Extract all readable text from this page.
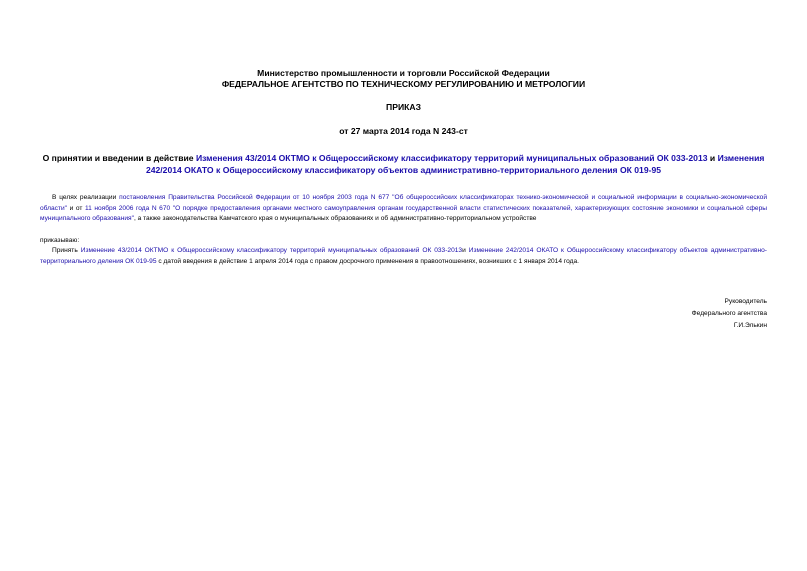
Министерство промышленности и торговли Российской Федерации
ФЕДЕРАЛЬНОЕ АГЕНТСТВО ПО ТЕХНИЧЕСКОМУ РЕГУЛИРОВАНИЮ И МЕТРОЛОГИИ
ПРИКАЗ
от 27 марта 2014 года N 243-ст
О принятии и введении в действие Изменения 43/2014 ОКТМО к Общероссийскому классификатору территорий муниципальных образований ОК 033-2013 и Изменения 242/2014 ОКАТО к Общероссийскому классификатору объектов административно-территориального деления ОК 019-95
В целях реализации постановления Правительства Российской Федерации от 10 ноября 2003 года N 677 "Об общероссийских классификаторах технико-экономической и социальной информации в социально-экономической области" и от 11 ноября 2006 года N 670 "О порядке предоставления органами местного самоуправления органам государственной власти статистических показателей, характеризующих состояние экономики и социальной сферы муниципального образования", а также законодательства Камчатского края о муниципальных образованиях и об административно-территориальном устройстве
приказываю:
Принять Изменение 43/2014 ОКТМО к Общероссийскому классификатору территорий муниципальных образований ОК 033-2013и Изменение 242/2014 ОКАТО к Общероссийскому классификатору объектов административно-территориального деления ОК 019-95 с датой введения в действие 1 апреля 2014 года с правом досрочного применения в правоотношениях, возникших с 1 января 2014 года.
Руководитель
Федерального агентства
Г.И.Элькин
